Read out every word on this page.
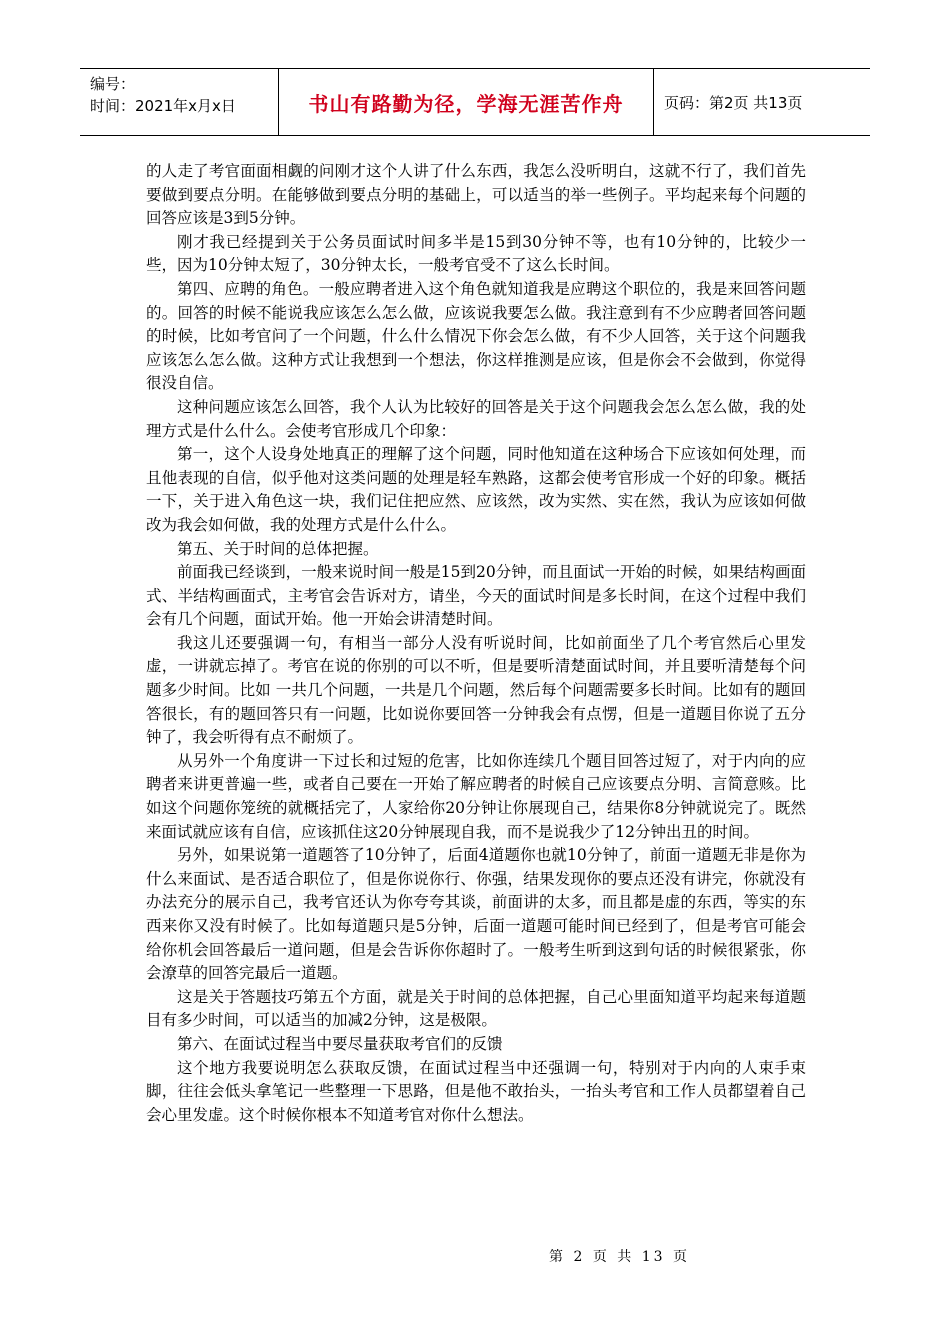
编号：
时间：2021年x月x日	书山有路勤为径，学海无涯苦作舟	页码：第2页 共13页

的人走了考官面面相觑的问刚才这个人讲了什么东西，我怎么没听明白，这就不行了，我们首先要做到要点分明。在能够做到要点分明的基础上，可以适当的举一些例子。平均起来每个问题的回答应该是3到5分钟。

刚才我已经提到关于公务员面试时间多半是15到30分钟不等，也有10分钟的，比较少一些，因为10分钟太短了，30分钟太长，一般考官受不了这么长时间。

第四、应聘的角色。一般应聘者进入这个角色就知道我是应聘这个职位的，我是来回答问题的。回答的时候不能说我应该怎么怎么做，应该说我要怎么做。我注意到有不少应聘者回答问题的时候，比如考官问了一个问题，什么什么情况下你会怎么做，有不少人回答，关于这个问题我应该怎么怎么做。这种方式让我想到一个想法，你这样推测是应该，但是你会不会做到，你觉得很没自信。

这种问题应该怎么回答，我个人认为比较好的回答是关于这个问题我会怎么怎么做，我的处理方式是什么什么。会使考官形成几个印象：

第一，这个人设身处地真正的理解了这个问题，同时他知道在这种场合下应该如何处理，而且他表现的自信，似乎他对这类问题的处理是轻车熟路，这都会使考官形成一个好的印象。概括一下，关于进入角色这一块，我们记住把应然、应该然，改为实然、实在然，我认为应该如何做改为我会如何做，我的处理方式是什么什么。

第五、关于时间的总体把握。

前面我已经谈到，一般来说时间一般是15到20分钟，而且面试一开始的时候，如果结构画面式、半结构画面式，主考官会告诉对方，请坐，今天的面试时间是多长时间，在这个过程中我们会有几个问题，面试开始。他一开始会讲清楚时间。

我这儿还要强调一句，有相当一部分人没有听说时间，比如前面坐了几个考官然后心里发虚，一讲就忘掉了。考官在说的你别的可以不听，但是要听清楚面试时间，并且要听清楚每个问题多少时间。比如 一共几个问题，一共是几个问题，然后每个问题需要多长时间。比如有的题回答很长，有的题回答只有一问题，比如说你要回答一分钟我会有点愣，但是一道题目你说了五分钟了，我会听得有点不耐烦了。

从另外一个角度讲一下过长和过短的危害，比如你连续几个题目回答过短了，对于内向的应聘者来讲更普遍一些，或者自己要在一开始了解应聘者的时候自己应该要点分明、言简意赅。比如这个问题你笼统的就概括完了，人家给你20分钟让你展现自己，结果你8分钟就说完了。既然来面试就应该有自信，应该抓住这20分钟展现自我，而不是说我少了12分钟出丑的时间。

另外，如果说第一道题答了10分钟了，后面4道题你也就10分钟了，前面一道题无非是你为什么来面试、是否适合职位了，但是你说你行、你强，结果发现你的要点还没有讲完，你就没有办法充分的展示自己，我考官还认为你夸夸其谈，前面讲的太多，而且都是虚的东西，等实的东西来你又没有时候了。比如每道题只是5分钟，后面一道题可能时间已经到了，但是考官可能会给你机会回答最后一道问题，但是会告诉你你超时了。一般考生听到这到句话的时候很紧张，你会潦草的回答完最后一道题。

这是关于答题技巧第五个方面，就是关于时间的总体把握，自己心里面知道平均起来每道题目有多少时间，可以适当的加减2分钟，这是极限。

第六、在面试过程当中要尽量获取考官们的反馈

这个地方我要说明怎么获取反馈，在面试过程当中还强调一句，特别对于内向的人束手束脚，往往会低头拿笔记一些整理一下思路，但是他不敢抬头，一抬头考官和工作人员都望着自己会心里发虚。这个时候你根本不知道考官对你什么想法。

第 2 页 共 13 页
